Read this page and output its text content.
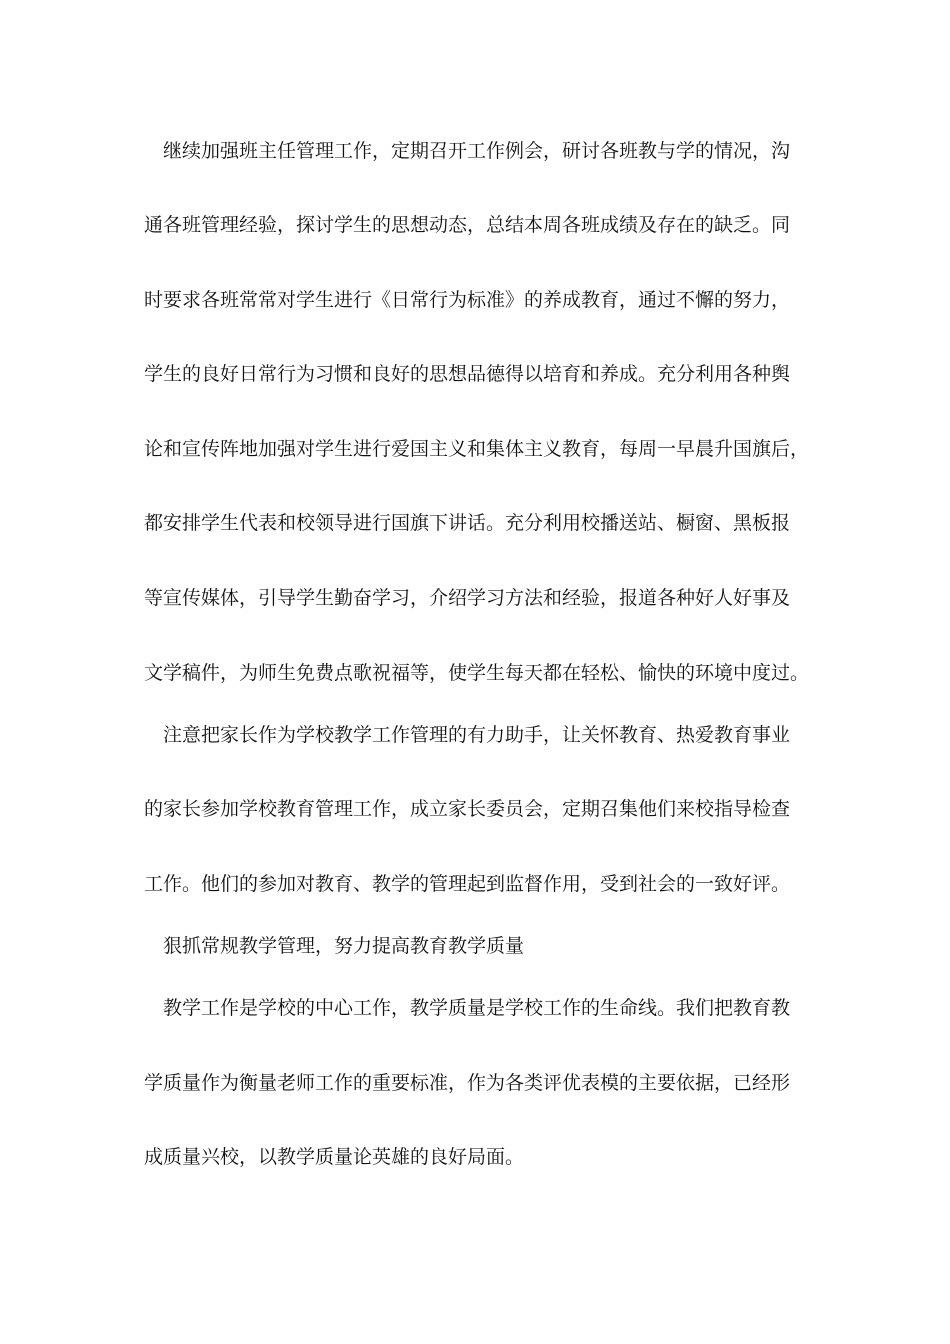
继续加强班主任管理工作，定期召开工作例会，研讨各班教与学的情况，沟
通各班管理经验，探讨学生的思想动态，总结本周各班成绩及存在的缺乏。同
时要求各班常常对学生进行《日常行为标准》的养成教育，通过不懈的努力，
学生的良好日常行为习惯和良好的思想品德得以培育和养成。充分利用各种舆
论和宣传阵地加强对学生进行爱国主义和集体主义教育，每周一早晨升国旗后，
都安排学生代表和校领导进行国旗下讲话。充分利用校播送站、橱窗、黑板报
等宣传媒体，引导学生勤奋学习，介绍学习方法和经验，报道各种好人好事及
文学稿件，为师生免费点歌祝福等，使学生每天都在轻松、愉快的环境中度过。
注意把家长作为学校教学工作管理的有力助手，让关怀教育、热爱教育事业
的家长参加学校教育管理工作，成立家长委员会，定期召集他们来校指导检查
工作。他们的参加对教育、教学的管理起到监督作用，受到社会的一致好评。
狠抓常规教学管理，努力提高教育教学质量
教学工作是学校的中心工作，教学质量是学校工作的生命线。我们把教育教
学质量作为衡量老师工作的重要标准，作为各类评优表模的主要依据，已经形
成质量兴校，以教学质量论英雄的良好局面。
